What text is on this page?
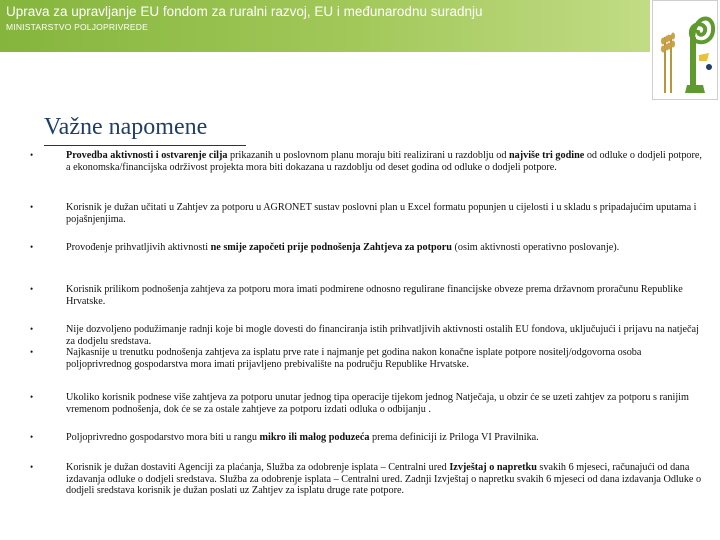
Uprava za upravljanje EU fondom za ruralni razvoj, EU i međunarodnu suradnju
MINISTARSTVO POLJOPRIVREDE
Važne napomene
•	Provedba aktivnosti i ostvarenje cilja prikazanih u poslovnom planu moraju biti realizirani u razdoblju od najviše tri godine od odluke o dodjeli potpore, a ekonomska/financijska održivost projekta mora biti dokazana u razdoblju od deset godina od odluke o dodjeli potpore.
•	Korisnik je dužan učitati u Zahtjev za potporu u AGRONET sustav poslovni plan u Excel formatu popunjen u cijelosti i u skladu s pripadajućim uputama i pojašnjenjima.
•	Provođenje prihvatljivih aktivnosti ne smije započeti prije podnošenja Zahtjeva za potporu (osim aktivnosti operativno poslovanje).
•	Korisnik prilikom podnošenja zahtjeva za potporu mora imati podmirene odnosno regulirane financijske obveze prema državnom proračunu Republike Hrvatske.
•	Nije dozvoljeno podužimanje radnji koje bi mogle dovesti do financiranja istih prihvatljivih aktivnosti ostalih EU fondova, uključujući i prijavu na natječaj za dodjelu sredstava.
•	Najkasnije u trenutku podnošenja zahtjeva za isplatu prve rate i najmanje pet godina nakon konačne isplate potpore nositelj/odgovorna osoba poljoprivrednog gospodarstva mora imati prijavljeno prebivalište na području Republike Hrvatske.
•	Ukoliko korisnik podnese više zahtjeva za potporu unutar jednog tipa operacije tijekom jednog Natječaja, u obzir će se uzeti zahtjev za potporu s ranijim vremenom podnošenja, dok će se za ostale zahtjeve za potporu izdati odluka o odbijanju .
•	Poljoprivredno gospodarstvo mora biti u rangu mikro ili malog poduzeća prema definiciji iz Priloga VI Pravilnika.
•	Korisnik je dužan dostaviti Agenciji za plaćanja, Služba za odobrenje isplata – Centralni ured Izvještaj o napretku svakih 6 mjeseci, računajući od dana izdavanja odluke o dodjeli sredstava. Služba za odobrenje isplata – Centralni ured. Zadnji Izvještaj o napretku svakih 6 mjeseci od dana izdavanja Odluke o dodjeli sredstava korisnik je dužan poslati uz Zahtjev za isplatu druge rate potpore.
